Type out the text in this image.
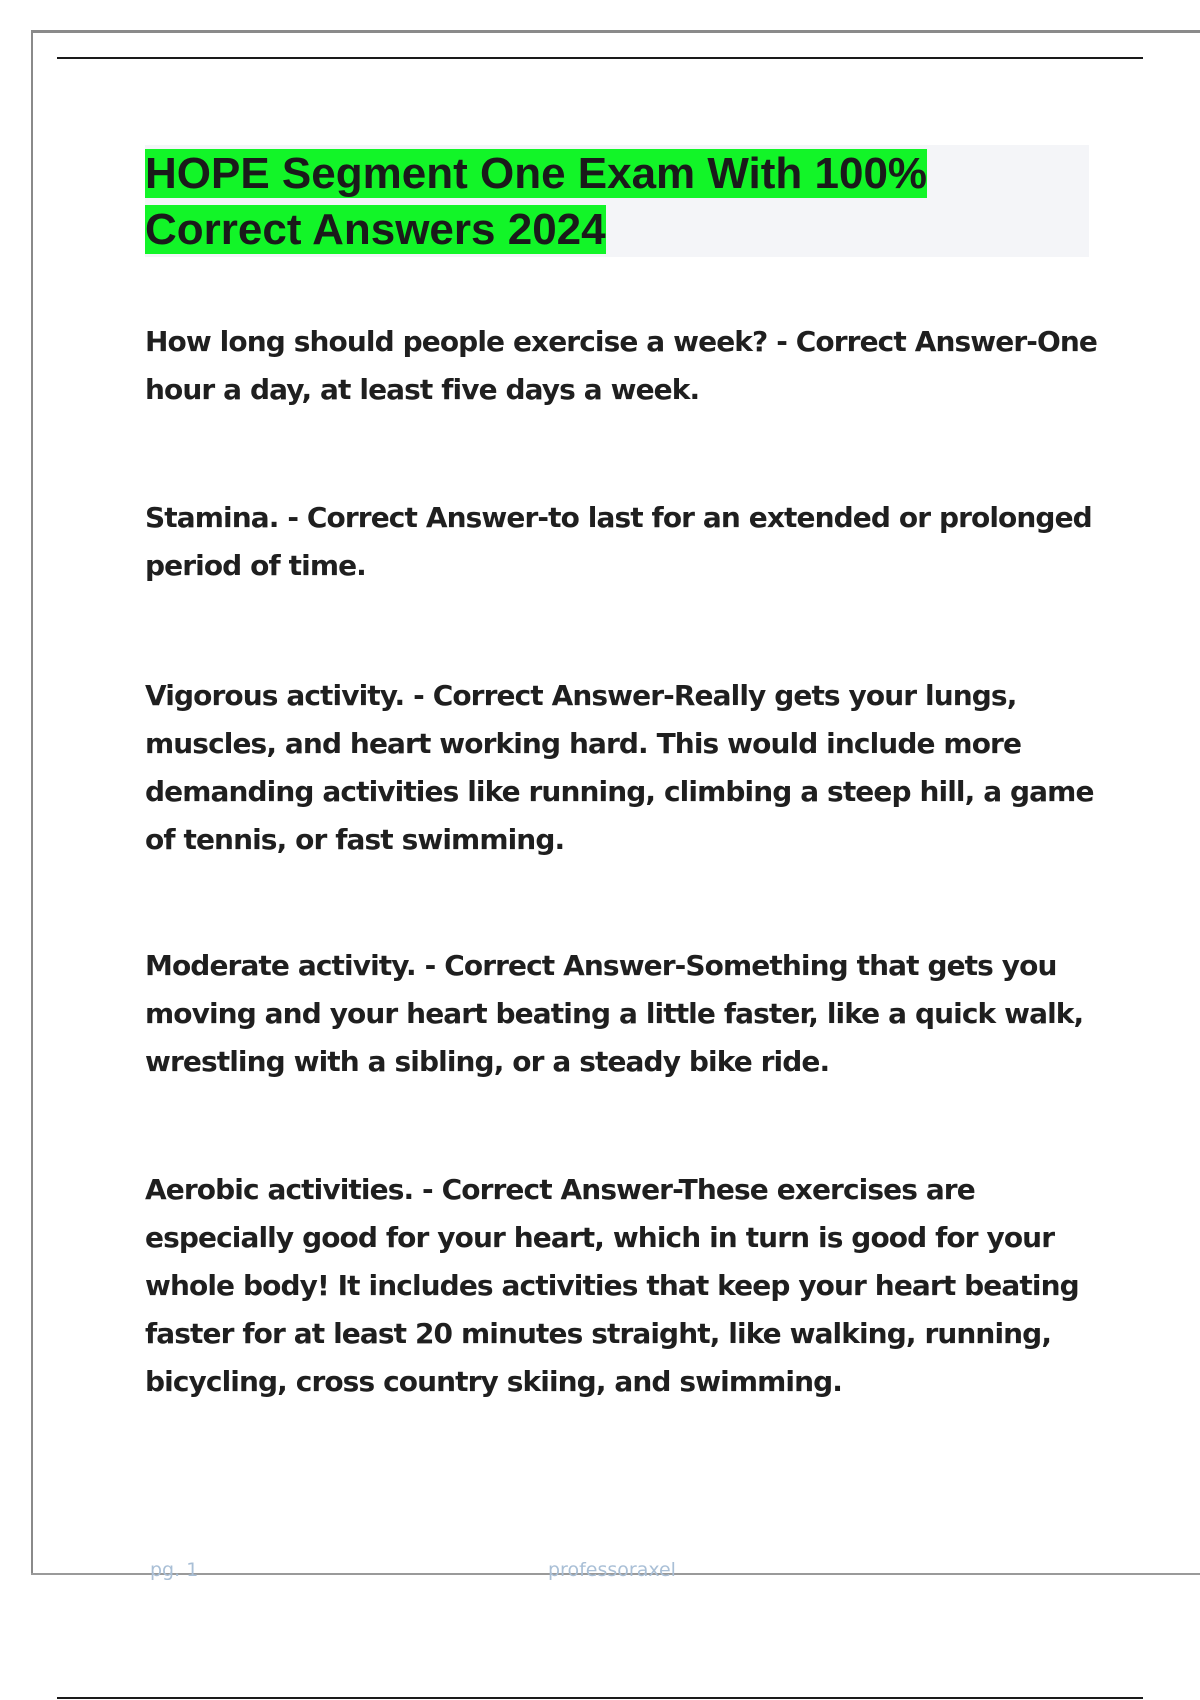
HOPE Segment One Exam With 100%
Correct Answers 2024

How long should people exercise a week? - Correct Answer-One hour a day, at least five days a week.

Stamina. - Correct Answer-to last for an extended or prolonged period of time.

Vigorous activity. - Correct Answer-Really gets your lungs, muscles, and heart working hard. This would include more demanding activities like running, climbing a steep hill, a game of tennis, or fast swimming.

Moderate activity. - Correct Answer-Something that gets you moving and your heart beating a little faster, like a quick walk, wrestling with a sibling, or a steady bike ride.

Aerobic activities. - Correct Answer-These exercises are especially good for your heart, which in turn is good for your whole body! It includes activities that keep your heart beating faster for at least 20 minutes straight, like walking, running, bicycling, cross country skiing, and swimming.

pg. 1	professoraxel
